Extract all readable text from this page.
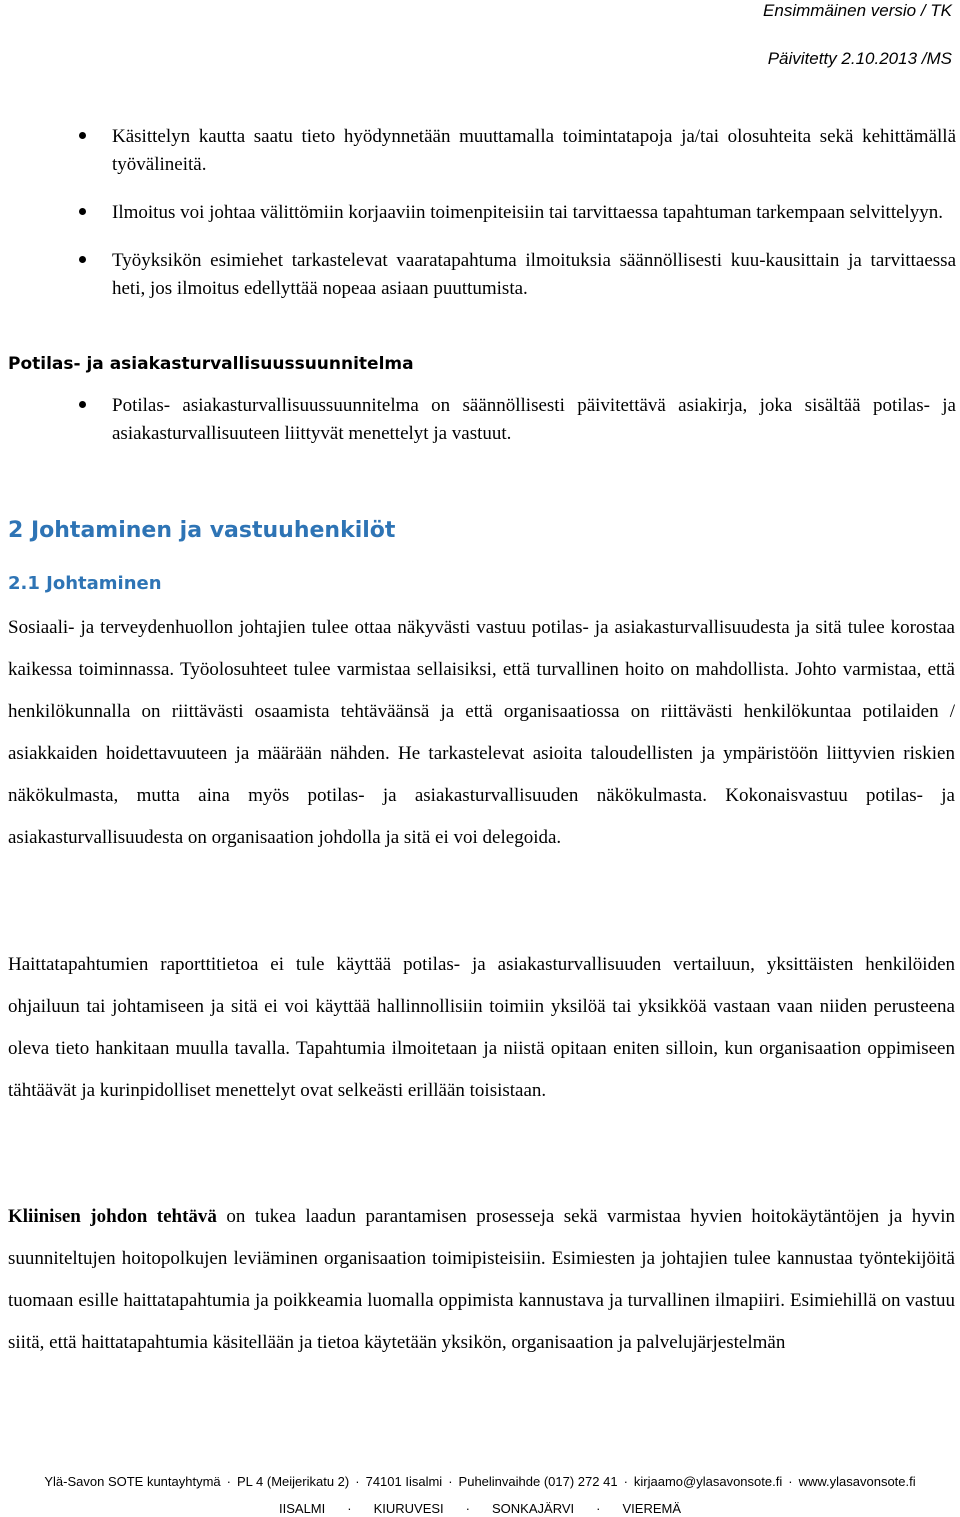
Ensimmäinen versio / TK
Päivitetty 2.10.2013 /MS
Käsittelyn kautta saatu tieto hyödynnetään muuttamalla toimintatapoja ja/tai olosuhteita sekä kehittämällä työvälineitä.
Ilmoitus voi johtaa välittömiin korjaaviin toimenpiteisiin tai tarvittaessa tapahtuman tarkempaan selvittelyyn.
Työyksikön esimiehet tarkastelevat vaaratapahtuma ilmoituksia säännöllisesti kuu-kausittain ja tarvittaessa heti, jos ilmoitus edellyttää nopeaa asiaan puuttumista.
Potilas- ja asiakasturvallisuussuunnitelma
Potilas- asiakasturvallisuussuunnitelma on säännöllisesti päivitettävä asiakirja, joka sisältää potilas- ja asiakasturvallisuuteen liittyvät menettelyt ja vastuut.
2 Johtaminen ja vastuuhenkilöt
2.1 Johtaminen

Sosiaali- ja terveydenhuollon johtajien tulee ottaa näkyvästi vastuu potilas- ja asiakasturvallisuudesta ja sitä tulee korostaa kaikessa toiminnassa. Työolosuhteet tulee varmistaa sellaisiksi, että turvallinen hoito on mahdollista. Johto varmistaa, että henkilökunnalla on riittävästi osaamista tehtäväänsä ja että organisaatiossa on riittävästi henkilökuntaa potilaiden / asiakkaiden hoidettavuuteen ja määrään nähden. He tarkastelevat asioita taloudellisten ja ympäristöön liittyvien riskien näkökulmasta, mutta aina myös potilas- ja asiakasturvallisuuden näkökulmasta. Kokonaisvastuu potilas- ja asiakasturvallisuudesta on organisaation johdolla ja sitä ei voi delegoida.

Haittatapahtumien raporttitietoa ei tule käyttää potilas- ja asiakasturvallisuuden vertailuun, yksittäisten henkilöiden ohjailuun tai johtamiseen ja sitä ei voi käyttää hallinnollisiin toimiin yksilöä tai yksikköä vastaan vaan niiden perusteena oleva tieto hankitaan muulla tavalla. Tapahtumia ilmoitetaan ja niistä opitaan eniten silloin, kun organisaation oppimiseen tähtäävät ja kurinpidolliset menettelyt ovat selkeästi erillään toisistaan.

Kliinisen johdon tehtävä on tukea laadun parantamisen prosesseja sekä varmistaa hyvien hoitokäytäntöjen ja hyvin suunniteltujen hoitopolkujen leviäminen organisaation toimipisteisiin. Esimiesten ja johtajien tulee kannustaa työntekijöitä tuomaan esille haittatapahtumia ja poikkeamia luomalla oppimista kannustava ja turvallinen ilmapiiri. Esimiehillä on vastuu siitä, että haittatapahtumia käsitellään ja tietoa käytetään yksikön, organisaation ja palvelujärjestelmän

Ylä-Savon SOTE kuntayhtymä · PL 4 (Meijerikatu 2) · 74101 Iisalmi · Puhelinvaihde (017) 272 41 · kirjaamo@ylasavonsote.fi · www.ylasavonsote.fi
IISALMI · KIURUVESI · SONKAJÄRVI · VIEREMÄ
